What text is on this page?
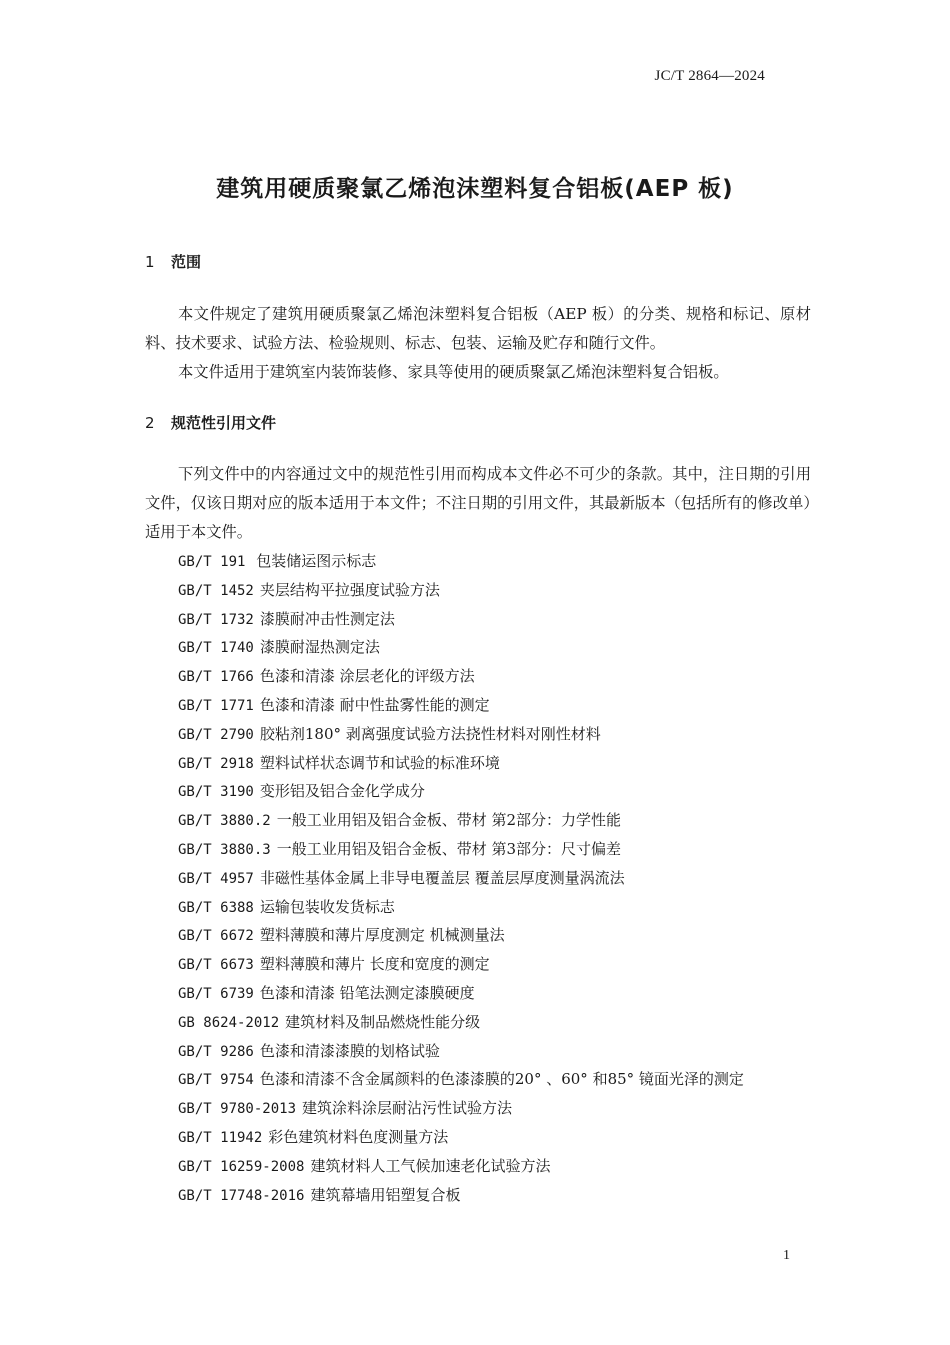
JC/T 2864—2024
建筑用硬质聚氯乙烯泡沫塑料复合铝板(AEP 板)
1 范围

本文件规定了建筑用硬质聚氯乙烯泡沫塑料复合铝板（AEP 板）的分类、规格和标记、原材料、技术要求、试验方法、检验规则、标志、包装、运输及贮存和随行文件。

本文件适用于建筑室内装饰装修、家具等使用的硬质聚氯乙烯泡沫塑料复合铝板。

2 规范性引用文件

下列文件中的内容通过文中的规范性引用而构成本文件必不可少的条款。其中，注日期的引用文件，仅该日期对应的版本适用于本文件；不注日期的引用文件，其最新版本（包括所有的修改单）适用于本文件。

GB/T 191 包装储运图示标志
GB/T 1452 夹层结构平拉强度试验方法
GB/T 1732 漆膜耐冲击性测定法
GB/T 1740 漆膜耐湿热测定法
GB/T 1766 色漆和清漆 涂层老化的评级方法
GB/T 1771 色漆和清漆 耐中性盐雾性能的测定
GB/T 2790 胶粘剂180° 剥离强度试验方法挠性材料对刚性材料
GB/T 2918 塑料试样状态调节和试验的标准环境
GB/T 3190 变形铝及铝合金化学成分
GB/T 3880.2 一般工业用铝及铝合金板、带材 第2部分：力学性能
GB/T 3880.3 一般工业用铝及铝合金板、带材 第3部分：尺寸偏差
GB/T 4957 非磁性基体金属上非导电覆盖层 覆盖层厚度测量涡流法
GB/T 6388 运输包装收发货标志
GB/T 6672 塑料薄膜和薄片厚度测定 机械测量法
GB/T 6673 塑料薄膜和薄片 长度和宽度的测定
GB/T 6739 色漆和清漆 铅笔法测定漆膜硬度
GB 8624-2012 建筑材料及制品燃烧性能分级
GB/T 9286 色漆和清漆漆膜的划格试验
GB/T 9754 色漆和清漆不含金属颜料的色漆漆膜的20° 、60° 和85° 镜面光泽的测定
GB/T 9780-2013 建筑涂料涂层耐沾污性试验方法
GB/T 11942 彩色建筑材料色度测量方法
GB/T 16259-2008 建筑材料人工气候加速老化试验方法
GB/T 17748-2016 建筑幕墙用铝塑复合板
1
